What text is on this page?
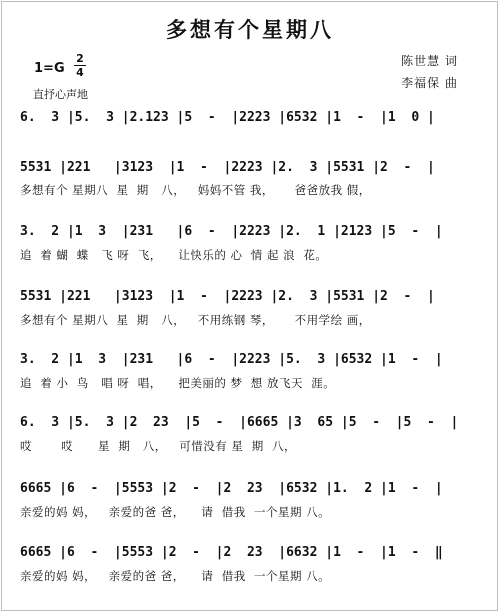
多想有个星期八
1=G
2
4
直抒心声地
陈世慧 词
李福保 曲
6.  3 |5.  3 |2.123 |5  -  |2223 |6532 |1  -  |1  0 |
5531 |221   |3123  |1  -  |2223 |2.  3 |5531 |2  -  |
多想有个 星期八  星  期   八，   妈妈不管 我，     爸爸放我 假，
3.  2 |1  3  |231   |6  -  |2223 |2.  1 |2123 |5  -  |
追  着 蝴  蝶   飞 呀  飞，    让快乐的 心  情 起 浪  花。
5531 |221   |3123  |1  -  |2223 |2.  3 |5531 |2  -  |
多想有个 星期八  星  期   八，   不用练钢 琴，     不用学绘 画，
3.  2 |1  3  |231   |6  -  |2223 |5.  3 |6532 |1  -  |
追  着 小  鸟   唱 呀  唱，    把美丽的 梦  想 放飞天  涯。
6.  3 |5.  3 |2  23  |5  -  |6665 |3  65 |5  -  |5  -  |
哎       哎      星  期   八，   可惜没有 星  期  八，
6665 |6  -  |5553 |2  -  |2  23  |6532 |1.  2 |1  -  |
亲爱的妈 妈，   亲爱的爸 爸，    请  借我  一个星期 八。
6665 |6  -  |5553 |2  -  |2  23  |6632 |1  -  |1  -  ‖
亲爱的妈 妈，   亲爱的爸 爸，    请  借我  一个星期 八。
